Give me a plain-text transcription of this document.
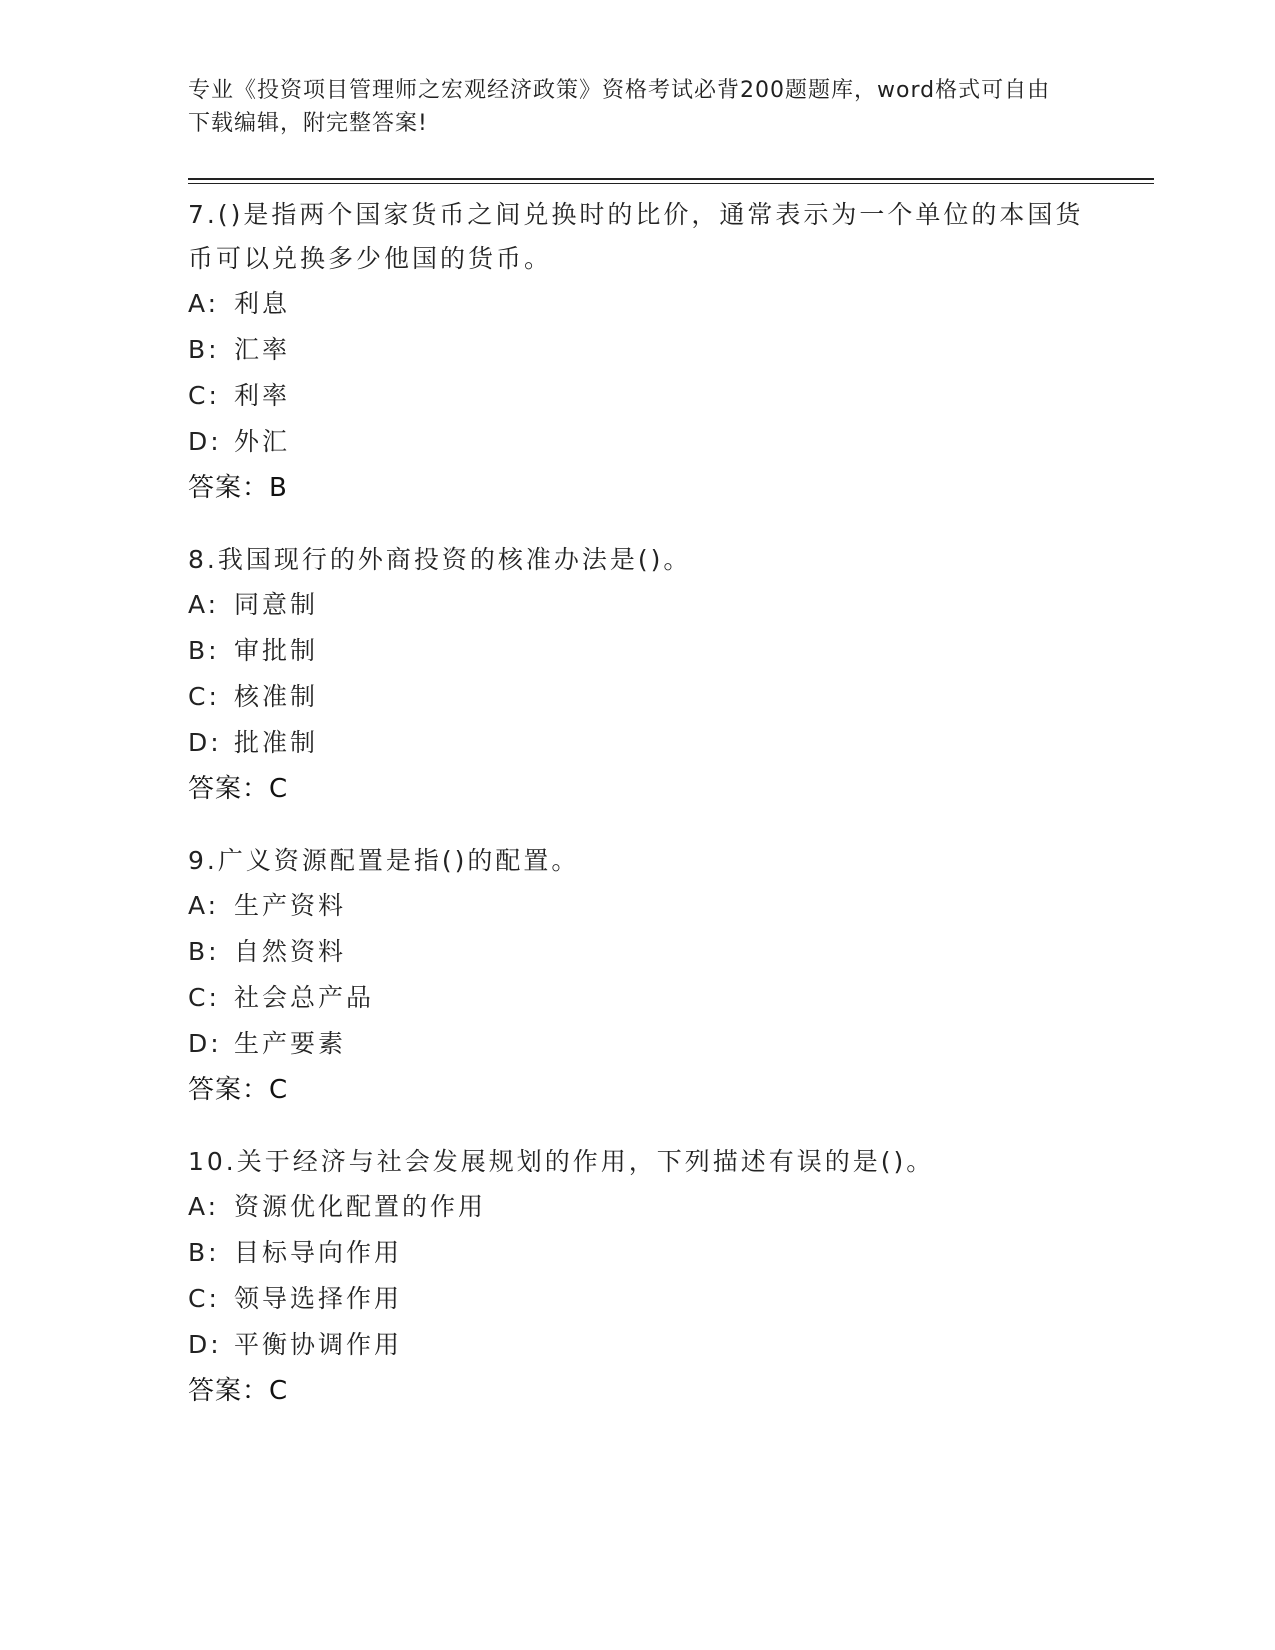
专业《投资项目管理师之宏观经济政策》资格考试必背200题题库，word格式可自由下载编辑，附完整答案!

7.()是指两个国家货币之间兑换时的比价，通常表示为一个单位的本国货币可以兑换多少他国的货币。

A: 利息
B: 汇率
C: 利率
D: 外汇
答案：B

8.我国现行的外商投资的核准办法是()。

A: 同意制
B: 审批制
C: 核准制
D: 批准制
答案：C

9.广义资源配置是指()的配置。

A: 生产资料
B: 自然资料
C: 社会总产品
D: 生产要素
答案：C

10.关于经济与社会发展规划的作用，下列描述有误的是()。

A: 资源优化配置的作用
B: 目标导向作用
C: 领导选择作用
D: 平衡协调作用
答案：C
